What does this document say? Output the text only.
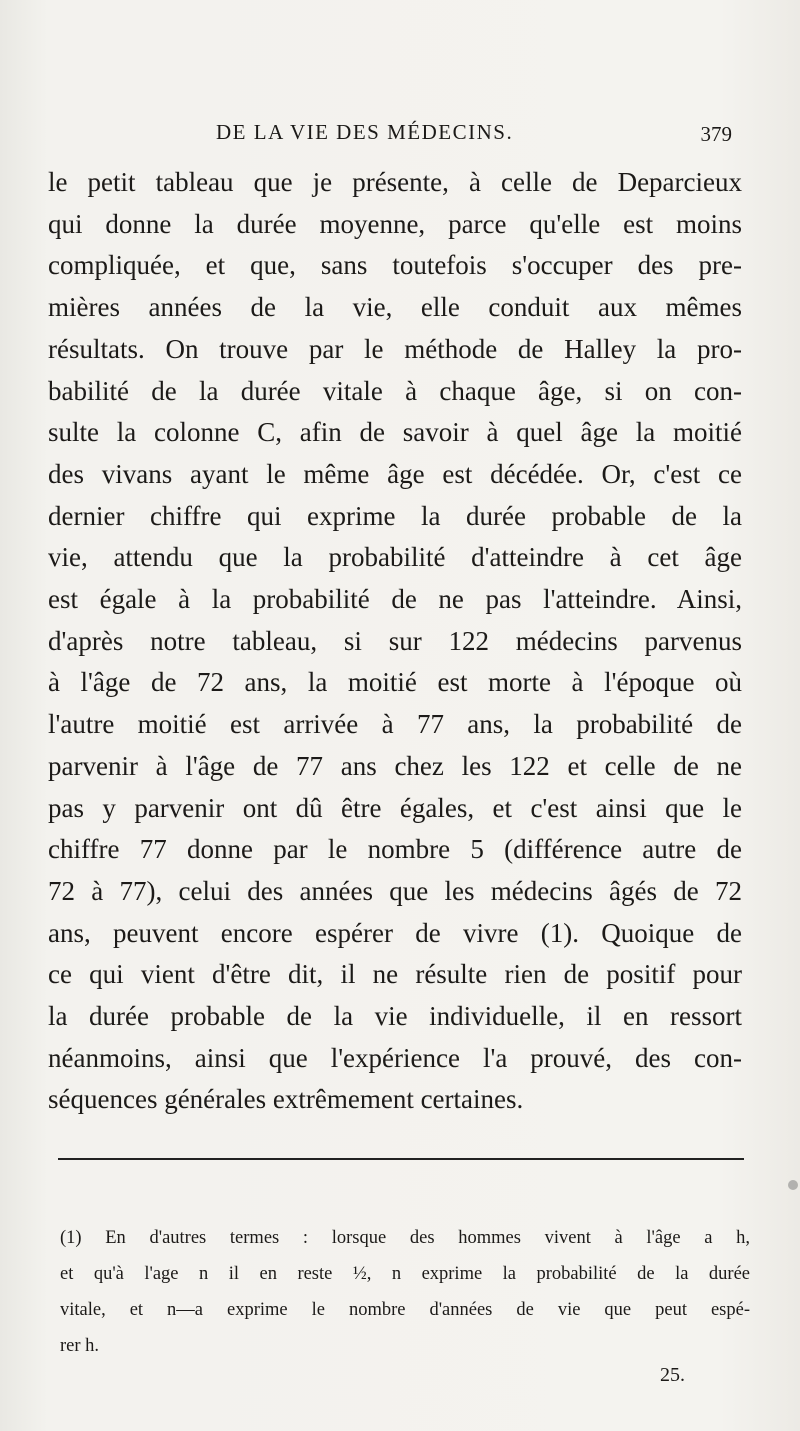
DE LA VIE DES MÉDECINS.	379
le petit tableau que je présente, à celle de Deparcieux
qui donne la durée moyenne, parce qu'elle est moins
compliquée, et que, sans toutefois s'occuper des pre-
mières années de la vie, elle conduit aux mêmes
résultats. On trouve par le méthode de Halley la pro-
babilité de la durée vitale à chaque âge, si on con-
sulte la colonne C, afin de savoir à quel âge la moitié
des vivans ayant le même âge est décédée. Or, c'est ce
dernier chiffre qui exprime la durée probable de la
vie, attendu que la probabilité d'atteindre à cet âge
est égale à la probabilité de ne pas l'atteindre. Ainsi,
d'après notre tableau, si sur 122 médecins parvenus
à l'âge de 72 ans, la moitié est morte à l'époque où
l'autre moitié est arrivée à 77 ans, la probabilité de
parvenir à l'âge de 77 ans chez les 122 et celle de ne
pas y parvenir ont dû être égales, et c'est ainsi que le
chiffre 77 donne par le nombre 5 (différence autre de
72 à 77), celui des années que les médecins âgés de 72
ans, peuvent encore espérer de vivre (1). Quoique de
ce qui vient d'être dit, il ne résulte rien de positif pour
la durée probable de la vie individuelle, il en ressort
néanmoins, ainsi que l'expérience l'a prouvé, des con-
séquences générales extrêmement certaines.
(1) En d'autres termes : lorsque des hommes vivent à l'âge a h,
et qu'à l'age n il en reste ½, n exprime la probabilité de la durée
vitale, et n—a exprime le nombre d'années de vie que peut espé-
rer h.
25.
